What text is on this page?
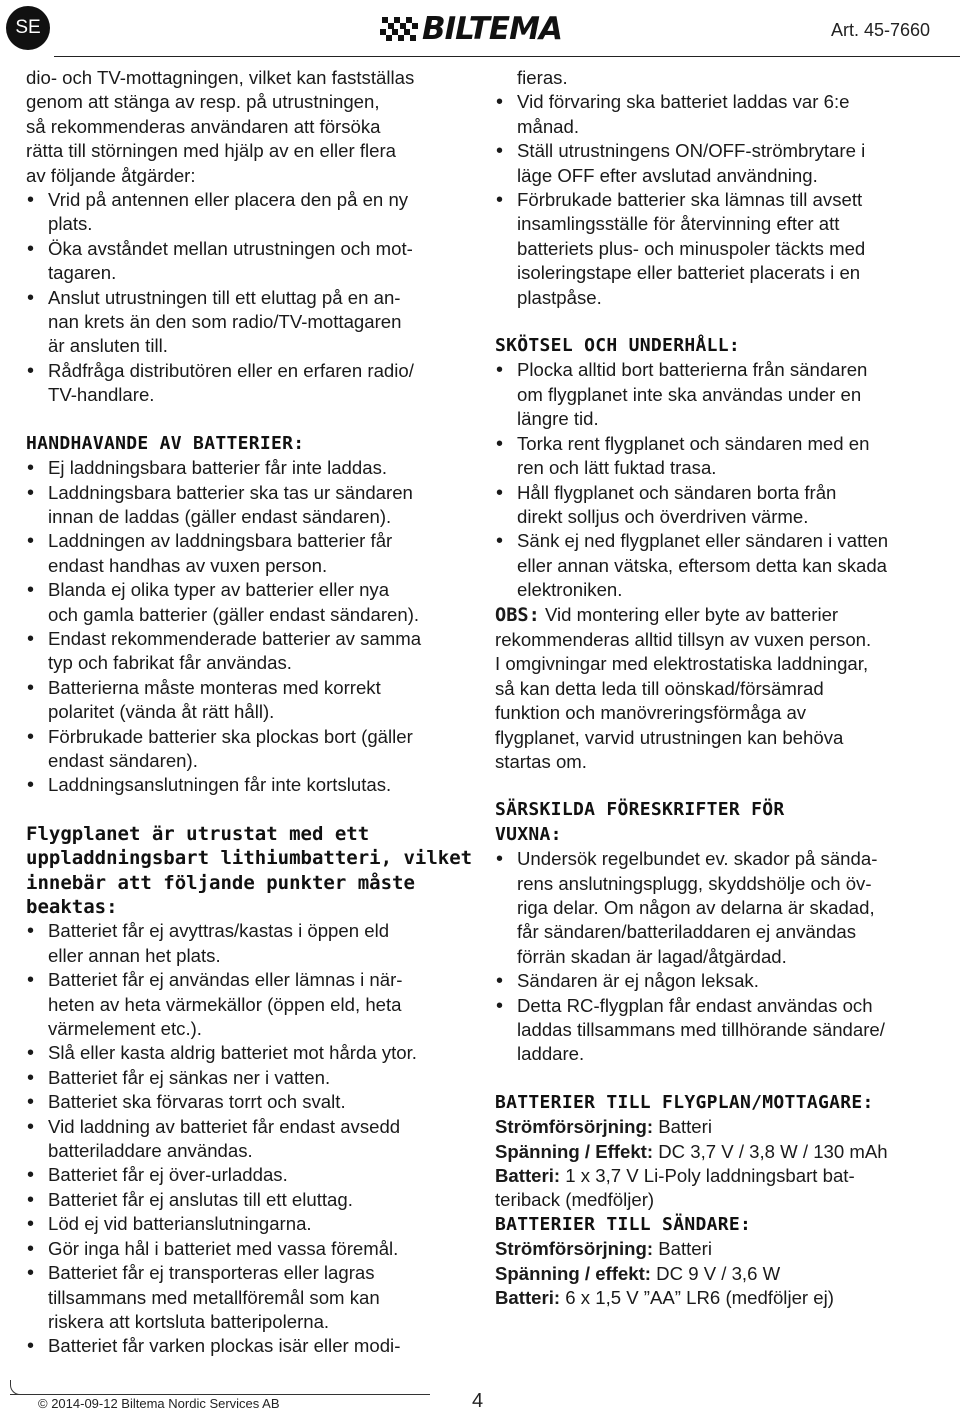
SE	BILTEMA	Art. 45-7660

dio- och TV-mottagningen, vilket kan fastställas genom att stänga av resp. på utrustningen,
så rekommenderas användaren att försöka
rätta till störningen med hjälp av en eller flera
av följande åtgärder:

• Vrid på antennen eller placera den på en ny
plats.
• Öka avståndet mellan utrustningen och mot-
tagaren.
• Anslut utrustningen till ett eluttag på en an-
nan krets än den som radio/TV-mottagaren
är ansluten till.
• Rådfråga distributören eller en erfaren radio/
TV-handlare.

HANDHAVANDE AV BATTERIER:

• Ej laddningsbara batterier får inte laddas.
• Laddningsbara batterier ska tas ur sändaren
innan de laddas (gäller endast sändaren).
• Laddningen av laddningsbara batterier får
endast handhas av vuxen person.
• Blanda ej olika typer av batterier eller nya
och gamla batterier (gäller endast sändaren).
• Endast rekommenderade batterier av samma
typ och fabrikat får användas.
• Batterierna måste monteras med korrekt
polaritet (vända åt rätt håll).
• Förbrukade batterier ska plockas bort (gäller
endast sändaren).
• Laddningsanslutningen får inte kortslutas.

Flygplanet är utrustat med ett
uppladdningsbart lithiumbatteri, vilket
innebär att följande punkter måste
beaktas:

• Batteriet får ej avyttras/kastas i öppen eld
eller annan het plats.
• Batteriet får ej användas eller lämnas i när-
heten av heta värmekällor (öppen eld, heta
värmelement etc.).
• Slå eller kasta aldrig batteriet mot hårda ytor.
• Batteriet får ej sänkas ner i vatten.
• Batteriet ska förvaras torrt och svalt.
• Vid laddning av batteriet får endast avsedd
batteriladdare användas.
• Batteriet får ej över-urladdas.
• Batteriet får ej anslutas till ett eluttag.
• Löd ej vid batterianslutningarna.
• Gör inga hål i batteriet med vassa föremål.
• Batteriet får ej transporteras eller lagras
tillsammans med metallföremål som kan
riskera att kortsluta batteripolerna.
• Batteriet får varken plockas isär eller modi-

fieras.

• Vid förvaring ska batteriet laddas var 6:e
månad.
• Ställ utrustningens ON/OFF-strömbrytare i
läge OFF efter avslutad användning.
• Förbrukade batterier ska lämnas till avsett
insamlingsställe för återvinning efter att
batteriets plus- och minuspoler täckts med
isoleringstape eller batteriet placerats i en
plastpåse.

SKÖTSEL OCH UNDERHÅLL:

• Plocka alltid bort batterierna från sändaren
om flygplanet inte ska användas under en
längre tid.
• Torka rent flygplanet och sändaren med en
ren och lätt fuktad trasa.
• Håll flygplanet och sändaren borta från
direkt solljus och överdriven värme.
• Sänk ej ned flygplanet eller sändaren i vatten
eller annan vätska, eftersom detta kan skada
elektroniken.

OBS: Vid montering eller byte av batterier
rekommenderas alltid tillsyn av vuxen person.
I omgivningar med elektrostatiska laddningar,
så kan detta leda till oönskad/försämrad
funktion och manövreringsförmåga av
flygplanet, varvid utrustningen kan behöva
startas om.

SÄRSKILDA FÖRESKRIFTER FÖR
VUXNA:

• Undersök regelbundet ev. skador på sända-
rens anslutningsplugg, skyddshölje och öv-
riga delar. Om någon av delarna är skadad,
får sändaren/batteriladdaren ej användas
förrän skadan är lagad/åtgärdad.
• Sändaren är ej någon leksak.
• Detta RC-flygplan får endast användas och
laddas tillsammans med tillhörande sändare/
laddare.

BATTERIER TILL FLYGPLAN/MOTTAGARE:

Strömförsörjning: Batteri

Spänning / Effekt: DC 3,7 V / 3,8 W / 130 mAh

Batteri: 1 x 3,7 V Li-Poly laddningsbart bat-
teriback (medföljer)

BATTERIER TILL SÄNDARE:

Strömförsörjning: Batteri

Spänning / effekt: DC 9 V / 3,6 W

Batteri: 6 x 1,5 V ”AA” LR6 (medföljer ej)

© 2014-09-12 Biltema Nordic Services AB	4
